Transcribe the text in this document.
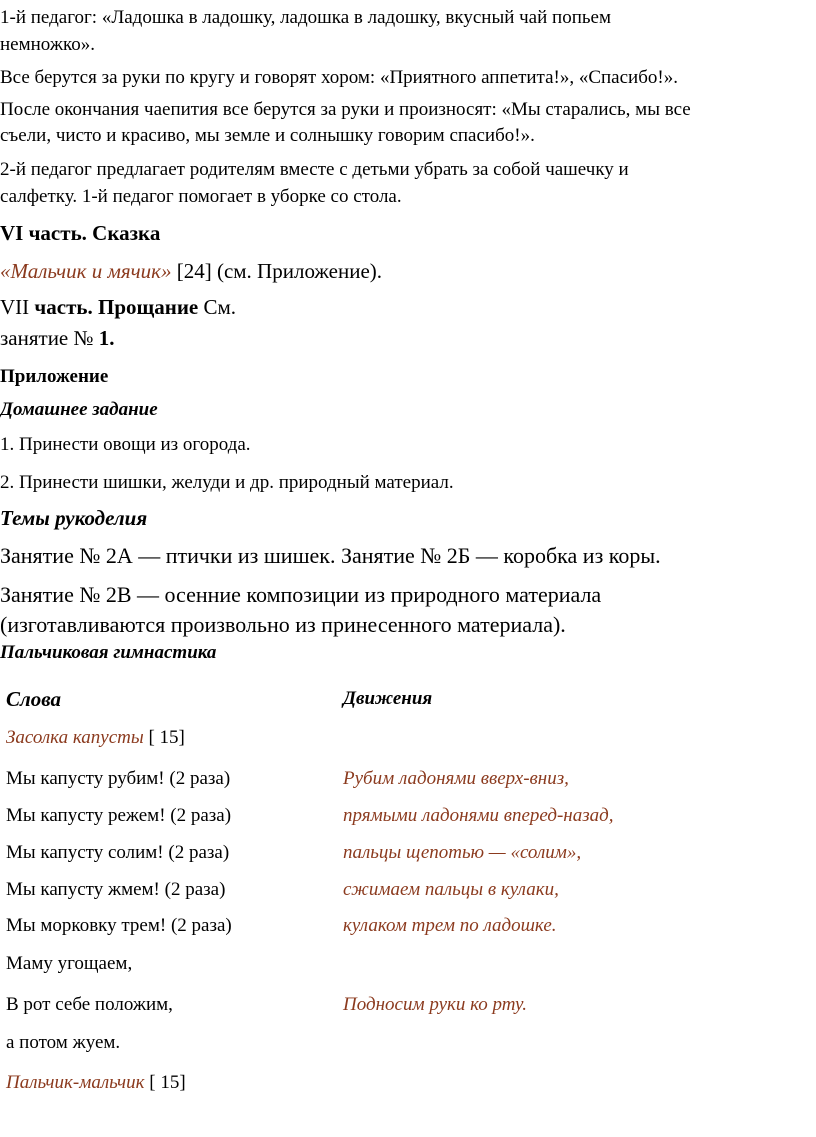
1-й педагог: «Ладошка в ладошку, ладошка в ладошку, вкусный чай попьем
немножко».
Все берутся за руки по кругу и говорят хором: «Приятного аппетита!», «Спасибо!».
После окончания чаепития все берутся за руки и произносят: «Мы старались, мы все
съели, чисто и красиво, мы земле и солнышку говорим спасибо!».
2-й педагог предлагает родителям вместе с детьми убрать за собой чашечку и
салфетку. 1-й педагог помогает в уборке со стола.
VI часть. Сказка
«Мальчик и мячик» [24] (см. Приложение).
VII часть. Прощание См.
занятие № 1.
Приложение
Домашнее задание
1. Принести овощи из огорода.
2. Принести шишки, желуди и др. природный материал.
Темы рукоделия
Занятие № 2А — птички из шишек. Занятие № 2Б — коробка из коры.
Занятие № 2В — осенние композиции из природного материала
(изготавливаются произвольно из принесенного материала).
Пальчиковая гимнастика
Слова	Движения
Засолка капусты [ 15]
Мы капусту рубим! (2 раза)	Рубим ладонями вверх-вниз,
Мы капусту режем! (2 раза)	прямыми ладонями вперед-назад,
Мы капусту солим! (2 раза)	пальцы щепотью — «солим»,
Мы капусту жмем! (2 раза)	сжимаем пальцы в кулаки,
Мы морковку трем! (2 раза)	кулаком трем по ладошке.
Маму угощаем,
В рот себе положим,	Подносим руки ко рту.
а потом жуем.
Пальчик-мальчик [ 15]
